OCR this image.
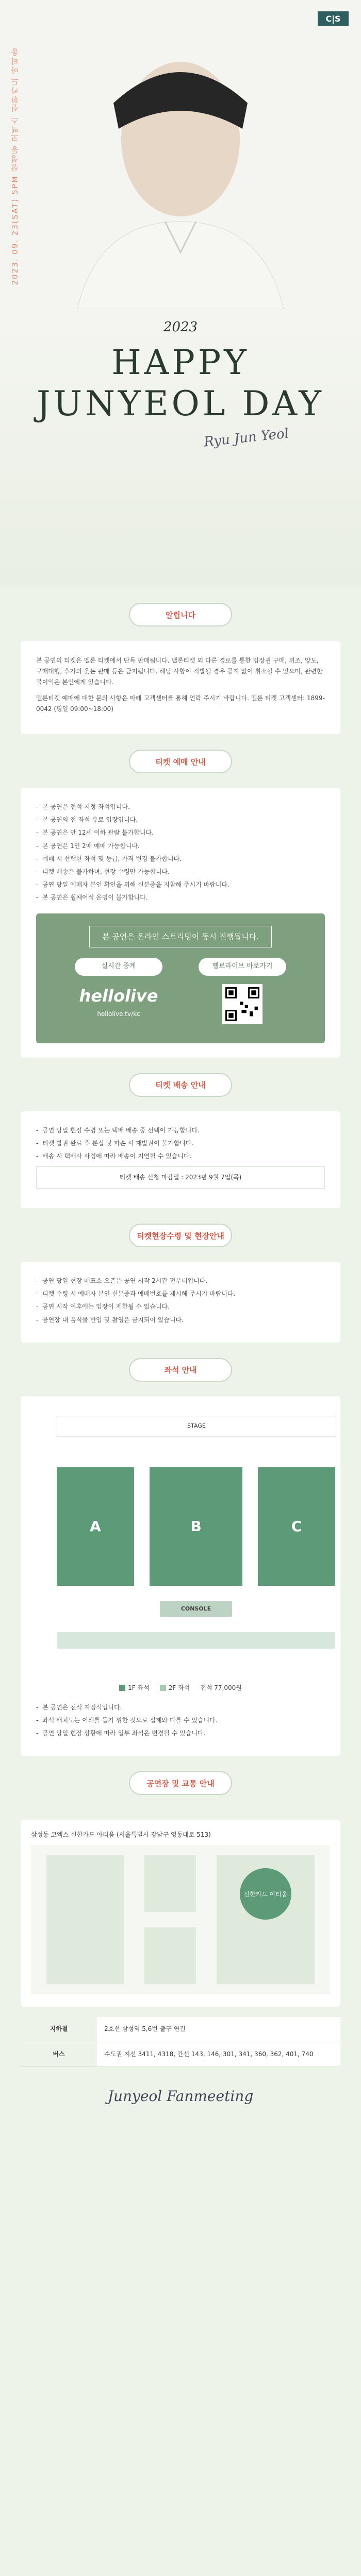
2023. 09. 23(SAT) 5PM 삼성동 코엑스 신한카드 아티움
C|S
2023
HAPPY
JUNYEOL DAY
Ryu Jun Yeol
알립니다

본 공연의 티켓은 멜론 티켓에서 단독 판매됩니다. 멜론티켓 외 다른 경로를 통한 입장권 구매, 위조, 양도, 구매대행, 후가의 웃돈 판매 등은 금지됩니다. 해당 사항이 적발될 경우 공지 없이 취소될 수 있으며, 관련한 불이익은 본인에게 있습니다.

멜론티켓 예매에 대한 문의 사항은 아래 고객센터를 통해 연락 주시기 바랍니다. 멜론 티켓 고객센터: 1899-0042 (평일 09:00~18:00)

티켓 예매 안내
- 본 공연은 전석 지정 좌석입니다.
- 본 공연의 전 좌석 유료 입장입니다.
- 본 공연은 만 12세 이하 관람 불가합니다.
- 본 공연은 1인 2매 예매 가능합니다.
- 예매 시 선택한 좌석 및 등급, 가격 변경 불가합니다.
- 티켓 배송은 불가하며, 현장 수령만 가능합니다.
- 공연 당일 예매자 본인 확인을 위해 신분증을 지참해 주시기 바랍니다.
- 본 공연은 휠체어석 운영이 불가합니다.
본 공연은 온라인 스트리밍이 동시 진행됩니다.
실시간 중계
hellolive
hellolive.tv/kc
헬로라이브 바로가기
티켓 배송 안내
- 공연 당일 현장 수령 또는 택배 배송 중 선택이 가능합니다.
- 티켓 발권 완료 후 분실 및 파손 시 재발권이 불가합니다.
- 배송 시 택배사 사정에 따라 배송이 지연될 수 있습니다.
티켓 배송 신청 마감일 : 2023년 9월 7일(목)
티켓현장수령 및 현장안내
- 공연 당일 현장 매표소 오픈은 공연 시작 2시간 전부터입니다.
- 티켓 수령 시 예매자 본인 신분증과 예매번호를 제시해 주시기 바랍니다.
- 공연 시작 이후에는 입장이 제한될 수 있습니다.
- 공연장 내 음식물 반입 및 촬영은 금지되어 있습니다.
좌석 안내
STAGE
A	B	C
CONSOLE
1F 좌석	2F 좌석 전석 77,000원
- 본 공연은 전석 지정석입니다.
- 좌석 배치도는 이해를 돕기 위한 것으로 실제와 다를 수 있습니다.
- 공연 당일 현장 상황에 따라 일부 좌석은 변경될 수 있습니다.
공연장 및 교통 안내
삼성동 코엑스 신한카드 아티움 (서울특별시 강남구 영동대로 513)
신한카드 아티움
지하철	2호선 삼성역 5,6번 출구 연결
버스	수도권 지선 3411, 4318, 간선 143, 146, 301, 341, 360, 362, 401, 740
Junyeol Fanmeeting
